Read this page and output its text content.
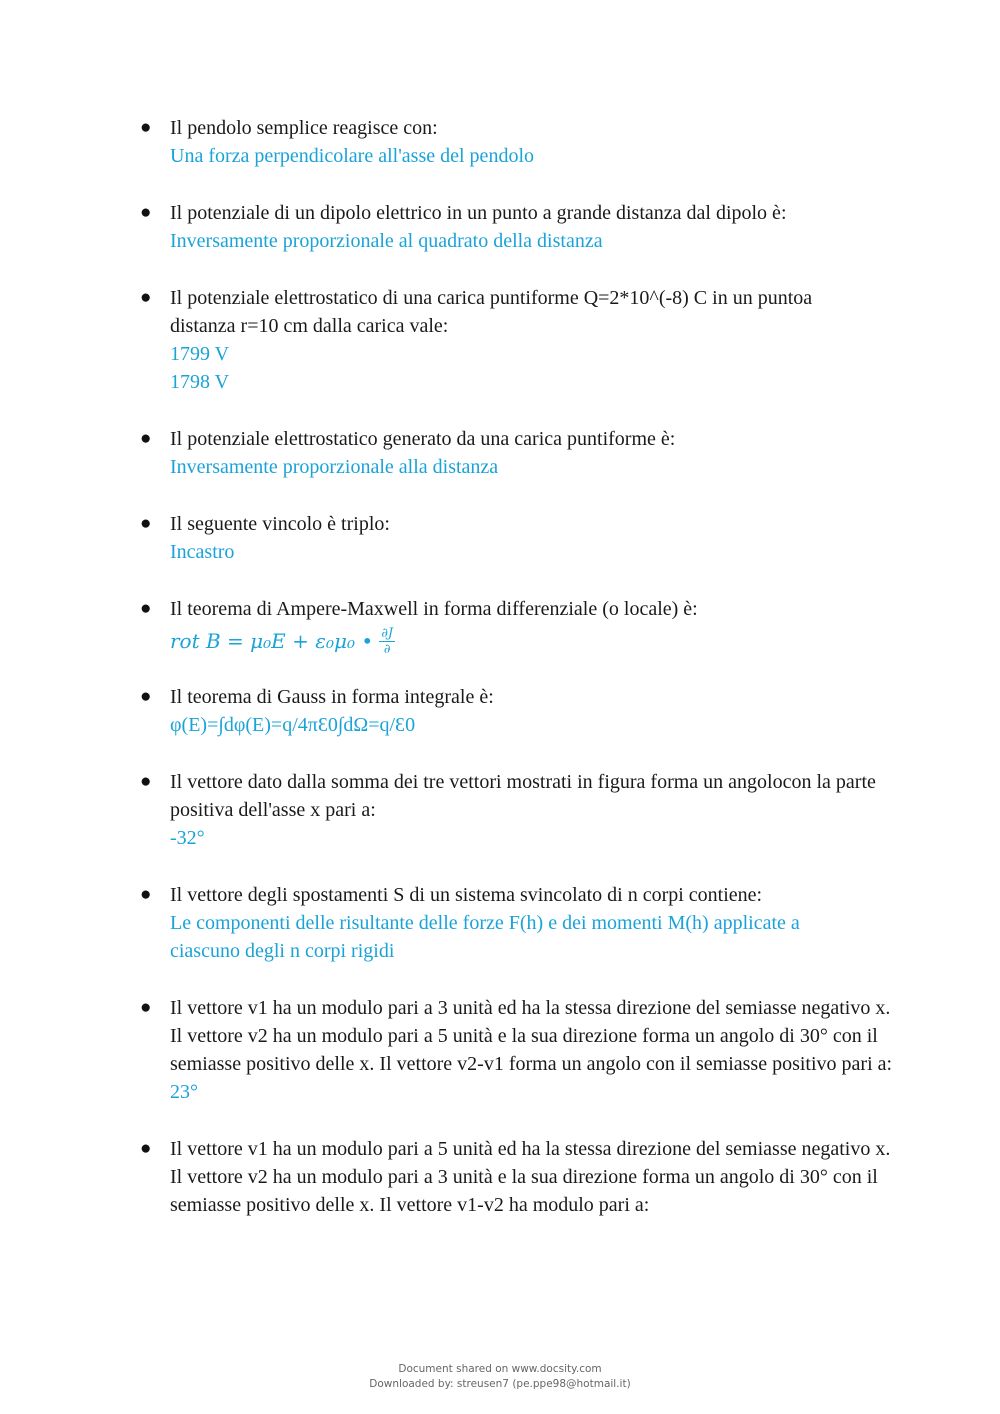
● Il pendolo semplice reagisce con:
Una forza perpendicolare all'asse del pendolo
● Il potenziale di un dipolo elettrico in un punto a grande distanza dal dipolo è:
Inversamente proporzionale al quadrato della distanza
● Il potenziale elettrostatico di una carica puntiforme Q=2*10^(-8) C in un puntoa distanza r=10 cm dalla carica vale:
1799 V
1798 V
● Il potenziale elettrostatico generato da una carica puntiforme è:
Inversamente proporzionale alla distanza
● Il seguente vincolo è triplo:
Incastro
● Il teorema di Ampere-Maxwell in forma differenziale (o locale) è:
rot B = μ₀E + ε₀μ₀ • $\frac{\partial J}{\partial}$
● Il teorema di Gauss in forma integrale è:
φ(E)=∫dφ(E)=q/4πƐ0∫dΩ=q/Ɛ0
● Il vettore dato dalla somma dei tre vettori mostrati in figura forma un angolocon la parte positiva dell'asse x pari a:
-32°
● Il vettore degli spostamenti S di un sistema svincolato di n corpi contiene:
Le componenti delle risultante delle forze F(h) e dei momenti M(h) applicate a ciascuno degli n corpi rigidi
● Il vettore v1 ha un modulo pari a 3 unità ed ha la stessa direzione del semiasse negativo x. Il vettore v2 ha un modulo pari a 5 unità e la sua direzione forma un angolo di 30° con il semiasse positivo delle x. Il vettore v2-v1 forma un angolo con il semiasse positivo pari a:
23°
● Il vettore v1 ha un modulo pari a 5 unità ed ha la stessa direzione del semiasse negativo x. Il vettore v2 ha un modulo pari a 3 unità e la sua direzione forma un angolo di 30° con il semiasse positivo delle x. Il vettore v1-v2 ha modulo pari a:
Document shared on www.docsity.com
Downloaded by: streusen7 (pe.ppe98@hotmail.it)
